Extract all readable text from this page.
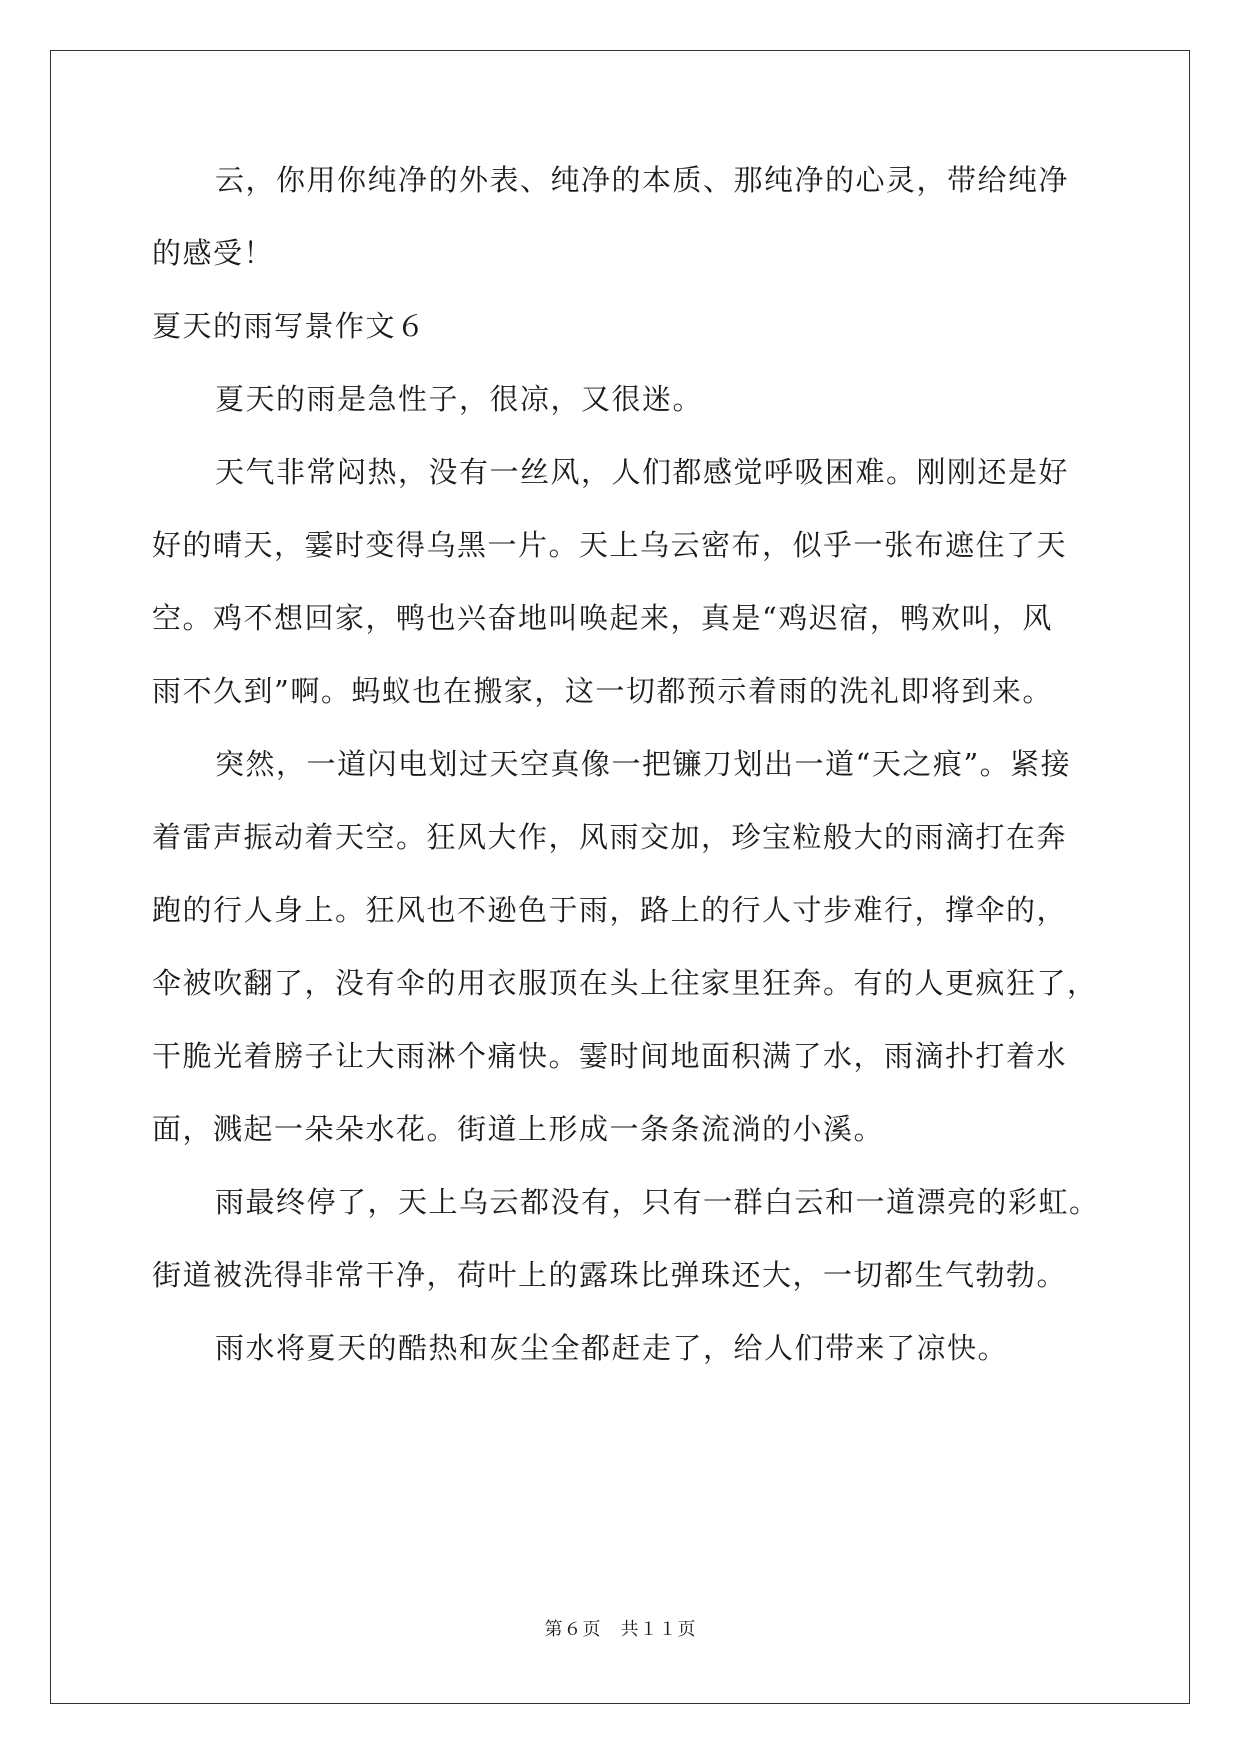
云，你用你纯净的外表、纯净的本质、那纯净的心灵，带给纯净
的感受！
夏天的雨写景作文６
夏天的雨是急性子，很凉，又很迷。
天气非常闷热，没有一丝风，人们都感觉呼吸困难。刚刚还是好
好的晴天，霎时变得乌黑一片。天上乌云密布，似乎一张布遮住了天
空。鸡不想回家，鸭也兴奋地叫唤起来，真是“鸡迟宿，鸭欢叫，风
雨不久到”啊。蚂蚁也在搬家，这一切都预示着雨的洗礼即将到来。
突然，一道闪电划过天空真像一把镰刀划出一道“天之痕”。紧接
着雷声振动着天空。狂风大作，风雨交加，珍宝粒般大的雨滴打在奔
跑的行人身上。狂风也不逊色于雨，路上的行人寸步难行，撑伞的，
伞被吹翻了，没有伞的用衣服顶在头上往家里狂奔。有的人更疯狂了，
干脆光着膀子让大雨淋个痛快。霎时间地面积满了水，雨滴扑打着水
面，溅起一朵朵水花。街道上形成一条条流淌的小溪。
雨最终停了，天上乌云都没有，只有一群白云和一道漂亮的彩虹。
街道被洗得非常干净，荷叶上的露珠比弹珠还大，一切都生气勃勃。
雨水将夏天的酷热和灰尘全都赶走了，给人们带来了凉快。
第６页　共１１页
